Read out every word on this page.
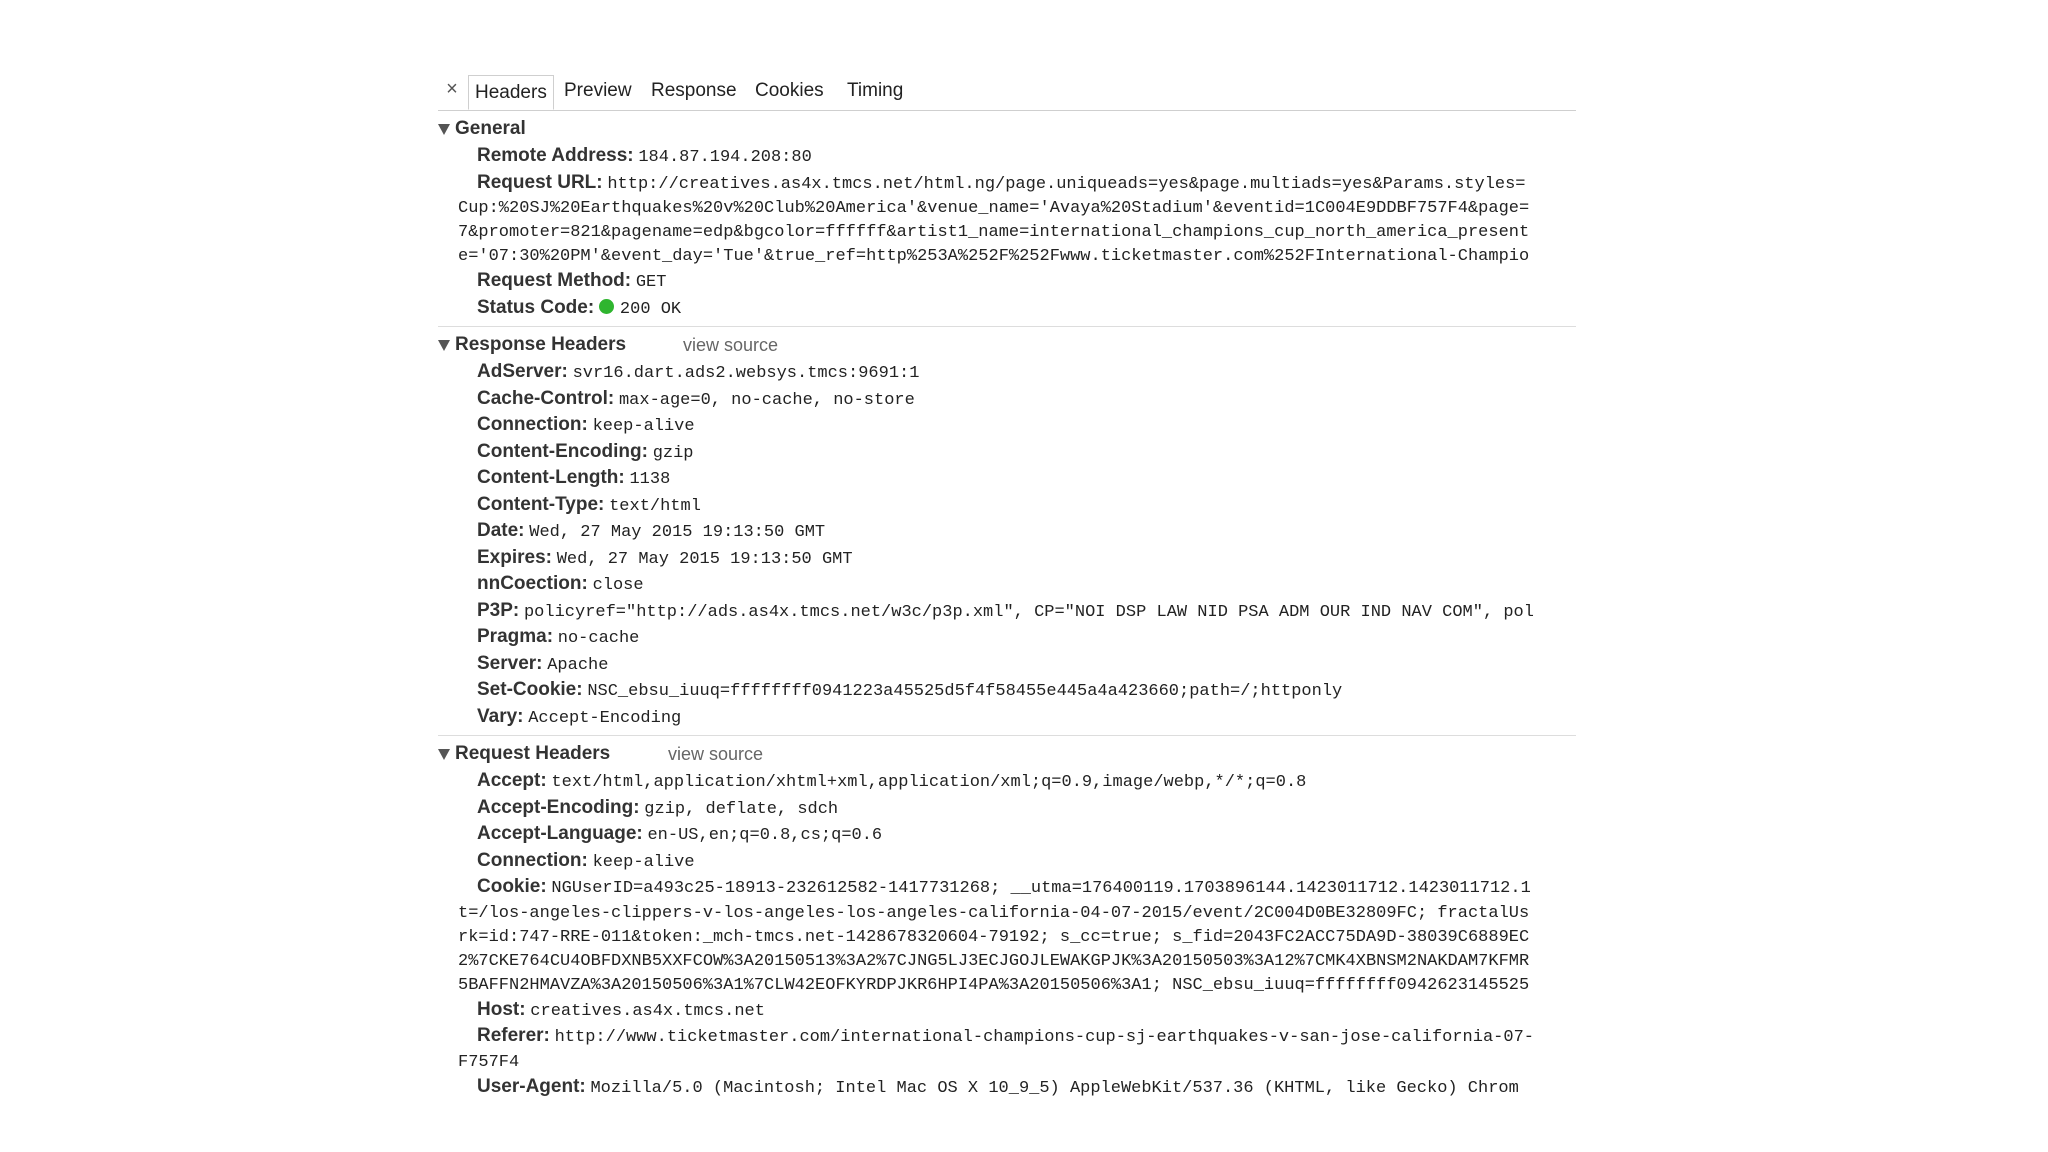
× Headers Preview	Response Cookies	Timing
General
Remote Address: 184.87.194.208:80
Request URL: http://creatives.as4x.tmcs.net/html.ng/page.uniqueads=yes&page.multiads=yes&Params.styles=
Cup:%20SJ%20Earthquakes%20v%20Club%20America'&venue_name='Avaya%20Stadium'&eventid=1C004E9DDBF757F4&page=
7&promoter=821&pagename=edp&bgcolor=ffffff&artist1_name=international_champions_cup_north_america_present
e='07:30%20PM'&event_day='Tue'&true_ref=http%253A%252F%252Fwww.ticketmaster.com%252FInternational-Champio
Request Method: GET
Status Code: 200 OK
Response Headers	view source
AdServer: svr16.dart.ads2.websys.tmcs:9691:1
Cache-Control: max-age=0, no-cache, no-store
Connection: keep-alive
Content-Encoding: gzip
Content-Length: 1138
Content-Type: text/html
Date: Wed, 27 May 2015 19:13:50 GMT
Expires: Wed, 27 May 2015 19:13:50 GMT
nnCoection: close
P3P: policyref="http://ads.as4x.tmcs.net/w3c/p3p.xml", CP="NOI DSP LAW NID PSA ADM OUR IND NAV COM", pol
Pragma: no-cache
Server: Apache
Set-Cookie: NSC_ebsu_iuuq=ffffffff0941223a45525d5f4f58455e445a4a423660;path=/;httponly
Vary: Accept-Encoding
Request Headers	view source
Accept: text/html,application/xhtml+xml,application/xml;q=0.9,image/webp,*/*;q=0.8
Accept-Encoding: gzip, deflate, sdch
Accept-Language: en-US,en;q=0.8,cs;q=0.6
Connection: keep-alive
Cookie: NGUserID=a493c25-18913-232612582-1417731268; __utma=176400119.1703896144.1423011712.1423011712.1
t=/los-angeles-clippers-v-los-angeles-los-angeles-california-04-07-2015/event/2C004D0BE32809FC; fractalUs
rk=id:747-RRE-011&token:_mch-tmcs.net-1428678320604-79192; s_cc=true; s_fid=2043FC2ACC75DA9D-38039C6889EC
2%7CKE764CU4OBFDXNB5XXFCOW%3A20150513%3A2%7CJNG5LJ3ECJGOJLEWAKGPJK%3A20150503%3A12%7CMK4XBNSM2NAKDAM7KFMR
5BAFFN2HMAVZA%3A20150506%3A1%7CLW42EOFKYRDPJKR6HPI4PA%3A20150506%3A1; NSC_ebsu_iuuq=ffffffff0942623145525
Host: creatives.as4x.tmcs.net
Referer: http://www.ticketmaster.com/international-champions-cup-sj-earthquakes-v-san-jose-california-07-
F757F4
User-Agent: Mozilla/5.0 (Macintosh; Intel Mac OS X 10_9_5) AppleWebKit/537.36 (KHTML, like Gecko) Chrom
